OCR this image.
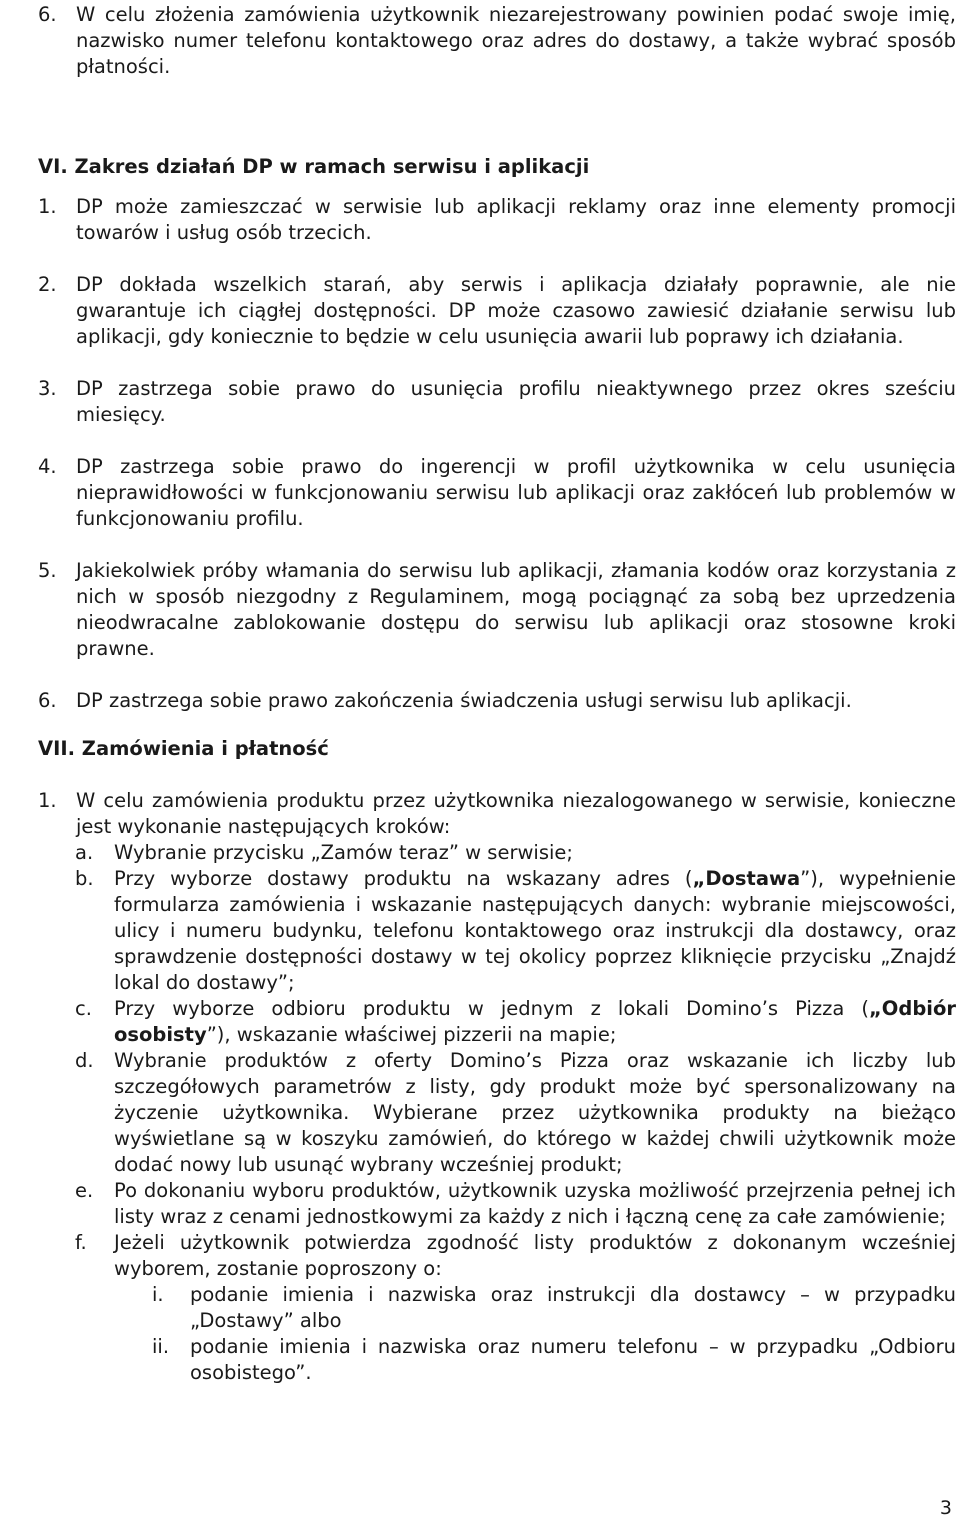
6. W celu złożenia zamówienia użytkownik niezarejestrowany powinien podać swoje imię, nazwisko numer telefonu kontaktowego oraz adres do dostawy, a także wybrać sposób płatności.

VI. Zakres działań DP w ramach serwisu i aplikacji

1. DP może zamieszczać w serwisie lub aplikacji reklamy oraz inne elementy promocji towarów i usług osób trzecich.

2. DP dokłada wszelkich starań, aby serwis i aplikacja działały poprawnie, ale nie gwarantuje ich ciągłej dostępności. DP może czasowo zawiesić działanie serwisu lub aplikacji, gdy koniecznie to będzie w celu usunięcia awarii lub poprawy ich działania.

3. DP zastrzega sobie prawo do usunięcia profilu nieaktywnego przez okres sześciu miesięcy.

4. DP zastrzega sobie prawo do ingerencji w profil użytkownika w celu usunięcia nieprawidłowości w funkcjonowaniu serwisu lub aplikacji oraz zakłóceń lub problemów w funkcjonowaniu profilu.

5. Jakiekolwiek próby włamania do serwisu lub aplikacji, złamania kodów oraz korzystania z nich w sposób niezgodny z Regulaminem, mogą pociągnąć za sobą bez uprzedzenia nieodwracalne zablokowanie dostępu do serwisu lub aplikacji oraz stosowne kroki prawne.

6. DP zastrzega sobie prawo zakończenia świadczenia usługi serwisu lub aplikacji.

VII. Zamówienia i płatność

1. W celu zamówienia produktu przez użytkownika niezalogowanego w serwisie, konieczne jest wykonanie następujących kroków:

a. Wybranie przycisku „Zamów teraz” w serwisie;

b. Przy wyborze dostawy produktu na wskazany adres („Dostawa”), wypełnienie formularza zamówienia i wskazanie następujących danych: wybranie miejscowości, ulicy i numeru budynku, telefonu kontaktowego oraz instrukcji dla dostawcy, oraz sprawdzenie dostępności dostawy w tej okolicy poprzez kliknięcie przycisku „Znajdź lokal do dostawy”;

c. Przy wyborze odbioru produktu w jednym z lokali Domino’s Pizza („Odbiór osobisty”), wskazanie właściwej pizzerii na mapie;

d. Wybranie produktów z oferty Domino’s Pizza oraz wskazanie ich liczby lub szczegółowych parametrów z listy, gdy produkt może być spersonalizowany na życzenie użytkownika. Wybierane przez użytkownika produkty na bieżąco wyświetlane są w koszyku zamówień, do którego w każdej chwili użytkownik może dodać nowy lub usunąć wybrany wcześniej produkt;

e. Po dokonaniu wyboru produktów, użytkownik uzyska możliwość przejrzenia pełnej ich listy wraz z cenami jednostkowymi za każdy z nich i łączną cenę za całe zamówienie;

f. Jeżeli użytkownik potwierdza zgodność listy produktów z dokonanym wcześniej wyborem, zostanie poproszony o:

i. podanie imienia i nazwiska oraz instrukcji dla dostawcy – w przypadku „Dostawy” albo

ii. podanie imienia i nazwiska oraz numeru telefonu – w przypadku „Odbioru osobistego”.

3
